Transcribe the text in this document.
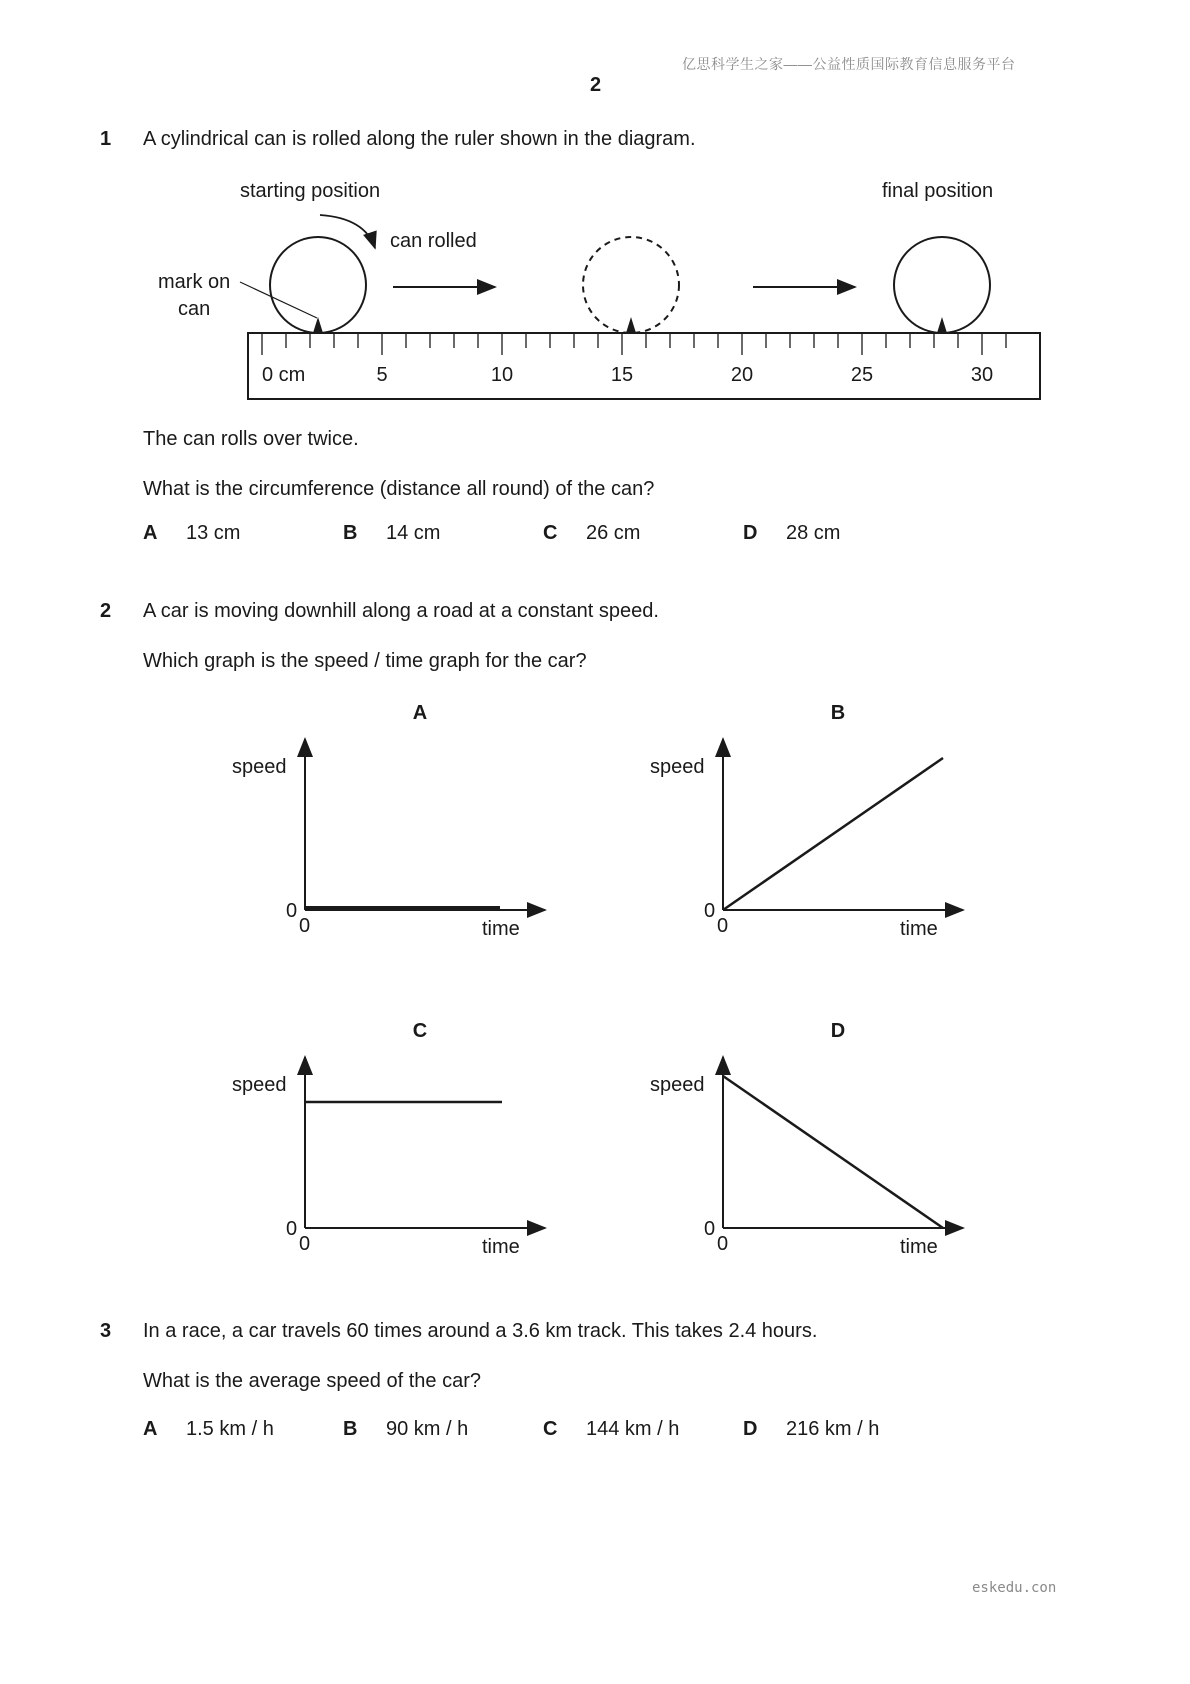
亿思科学生之家——公益性质国际教育信息服务平台
2
1 A cylindrical can is rolled along the ruler shown in the diagram.
starting position	final position
can rolled
mark on
can
0 cm	5	10	15	20	25	30
The can rolls over twice.
What is the circumference (distance all round) of the can?
A 13 cm	B 14 cm	C 26 cm	D 28 cm
2 A car is moving downhill along a road at a constant speed.
Which graph is the speed / time graph for the car?
A
speed
0
0	time
B
speed
0
0	time
C
speed
0
0	time
D
speed
0
0	time
3 In a race, a car travels 60 times around a 3.6 km track. This takes 2.4 hours.
What is the average speed of the car?
A 1.5 km / h	B 90 km / h	C 144 km / h	D 216 km / h
eskedu.con
